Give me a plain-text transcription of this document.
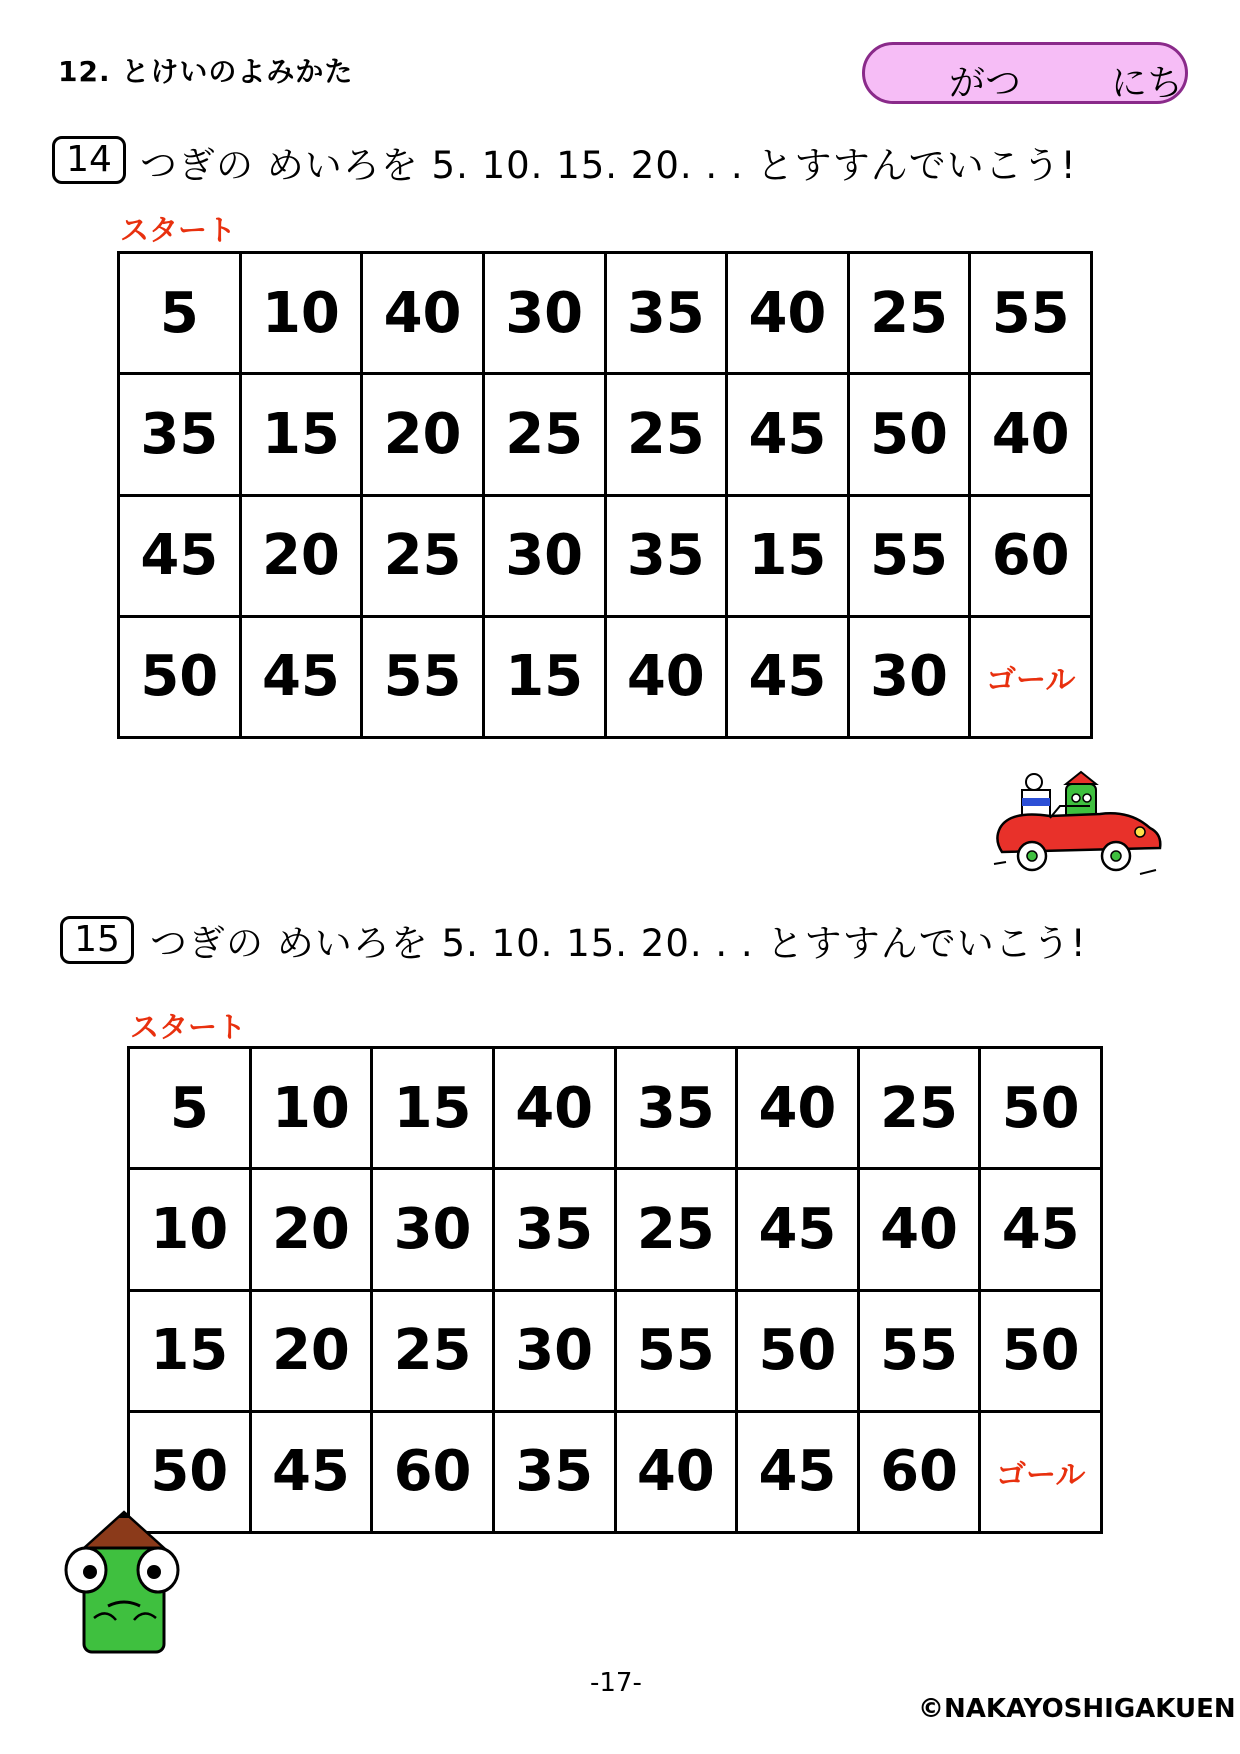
12. とけいのよみかた	がつ にち
14 つぎの めいろを 5. 10. 15. 20. . . とすすんでいこう!
スタート
5	10	40	30	35	40	25	55
35	15	20	25	25	45	50	40
45	20	25	30	35	15	55	60
50	45	55	15	40	45	30	ゴール
15 つぎの めいろを 5. 10. 15. 20. . . とすすんでいこう!
スタート
5	10	15	40	35	40	25	50
10	20	30	35	25	45	40	45
15	20	25	30	55	50	55	50
50	45	60	35	40	45	60	ゴール
-17-
©NAKAYOSHIGAKUEN
